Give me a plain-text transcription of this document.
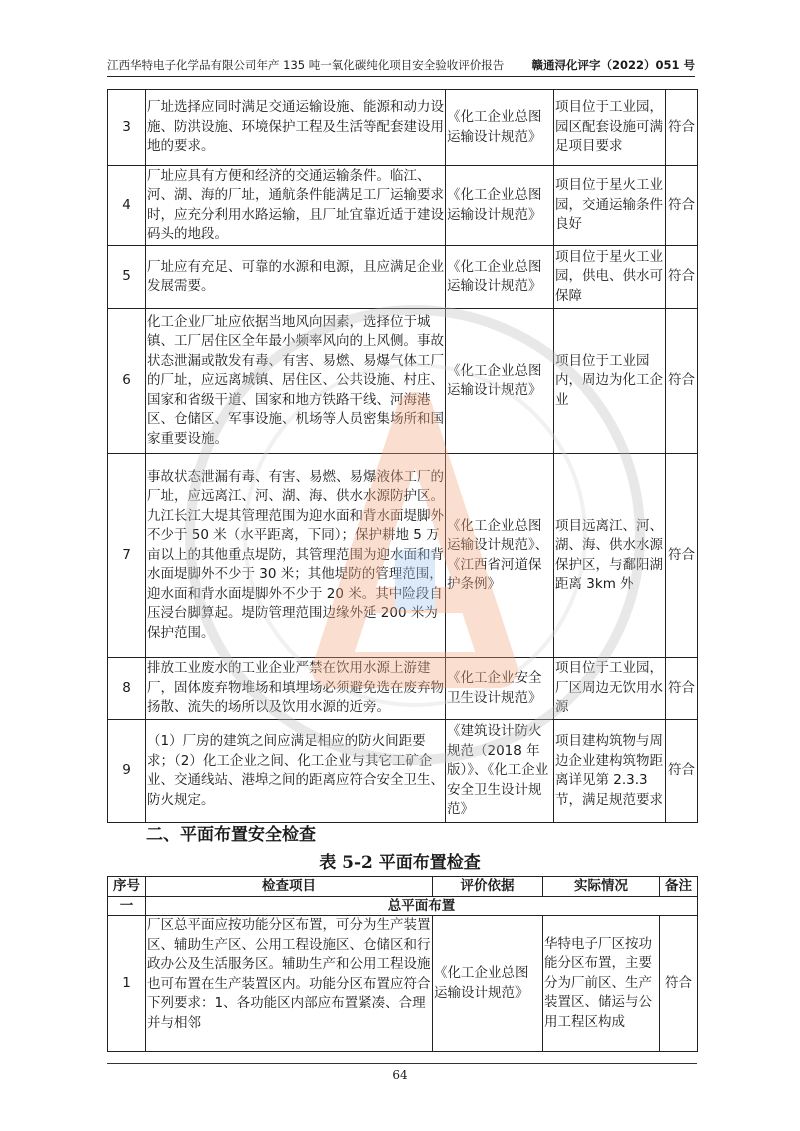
江西华特电子化学品有限公司年产 135 吨一氧化碳纯化项目安全验收评价报告 赣通浔化评字（2022）051 号
3	厂址选择应同时满足交通运输设施、能源和动力设施、防洪设施、环境保护工程及生活等配套建设用地的要求。	《化工企业总图运输设计规范》	项目位于工业园，园区配套设施可满足项目要求	符合
4	厂址应具有方便和经济的交通运输条件。临江、河、湖、海的厂址，通航条件能满足工厂运输要求时，应充分利用水路运输，且厂址宜靠近适于建设码头的地段。	《化工企业总图运输设计规范》	项目位于星火工业园，交通运输条件良好	符合
5	厂址应有充足、可靠的水源和电源，且应满足企业发展需要。	《化工企业总图运输设计规范》	项目位于星火工业园，供电、供水可保障	符合
6	化工企业厂址应依据当地风向因素，选择位于城镇、工厂居住区全年最小频率风向的上风侧。事故状态泄漏或散发有毒、有害、易燃、易爆气体工厂的厂址，应远离城镇、居住区、公共设施、村庄、国家和省级干道、国家和地方铁路干线、河海港区、仓储区、军事设施、机场等人员密集场所和国家重要设施。	《化工企业总图运输设计规范》	项目位于工业园内，周边为化工企业	符合
7	事故状态泄漏有毒、有害、易燃、易爆液体工厂的厂址，应远离江、河、湖、海、供水水源防护区。九江长江大堤其管理范围为迎水面和背水面堤脚外不少于 50 米（水平距离，下同）；保护耕地 5 万亩以上的其他重点堤防，其管理范围为迎水面和背水面堤脚外不少于 30 米；其他堤防的管理范围，迎水面和背水面堤脚外不少于 20 米。其中险段自压浸台脚算起。堤防管理范围边缘外延 200 米为保护范围。	《化工企业总图运输设计规范》、《江西省河道保护条例》	项目远离江、河、湖、海、供水水源保护区，与鄱阳湖距离 3km 外	符合
8	排放工业废水的工业企业严禁在饮用水源上游建厂，固体废弃物堆场和填埋场必须避免选在废弃物扬散、流失的场所以及饮用水源的近旁。	《化工企业安全卫生设计规范》	项目位于工业园，厂区周边无饮用水源	符合
9	（1）厂房的建筑之间应满足相应的防火间距要求；（2）化工企业之间、化工企业与其它工矿企业、交通线站、港埠之间的距离应符合安全卫生、防火规定。	《建筑设计防火规范（2018 年版）》、《化工企业安全卫生设计规范》	项目建构筑物与周边企业建构筑物距离详见第 2.3.3 节，满足规范要求	符合
二、平面布置安全检查
表 5-2 平面布置检查
序号	检查项目	评价依据	实际情况	备注
一	总平面布置			
1	厂区总平面应按功能分区布置，可分为生产装置区、辅助生产区、公用工程设施区、仓储区和行政办公及生活服务区。辅助生产和公用工程设施也可布置在生产装置区内。功能分区布置应符合下列要求：1、各功能区内部应布置紧凑、合理并与相邻	《化工企业总图运输设计规范》	华特电子厂区按功能分区布置，主要分为厂前区、生产装置区、储运与公用工程区构成	符合
64
